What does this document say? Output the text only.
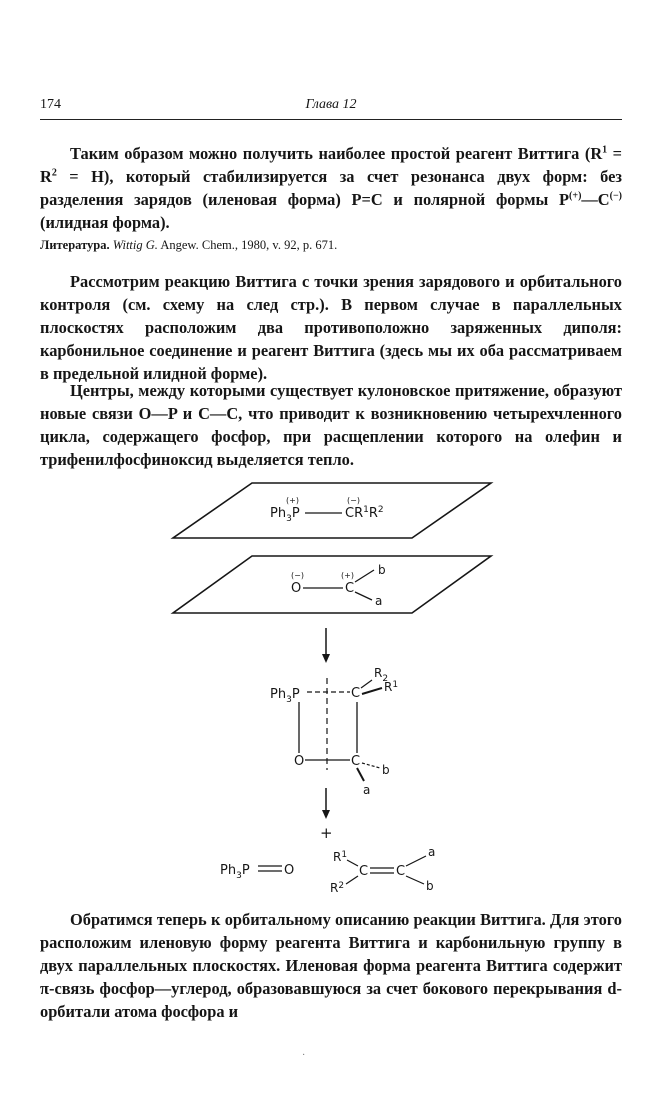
174	Глава 12

Таким образом можно получить наиболее простой реагент Виттига $(R^1 = R^2 = H)$, который стабилизируется за счет резонанса двух форм: без разделения зарядов (иленовая форма) P=C и полярной формы P(+)—C(−) (илидная форма).

Литература. Wittig G. Angew. Chem., 1980, v. 92, p. 671.

Рассмотрим реакцию Виттига с точки зрения зарядового и орбитального контроля (см. схему на след стр.). В первом случае в параллельных плоскостях расположим два противоположно заряженных диполя: карбонильное соединение и реагент Виттига (здесь мы их оба рассматриваем в предельной илидной форме).

Центры, между которыми существует кулоновское притяжение, образуют новые связи O—P и C—C, что приводит к возникновению четырехчленного цикла, содержащего фосфор, при расщеплении которого на олефин и трифенилфосфиноксид выделяется тепло.

(+)	(−)
$Ph_3P$	$CR^1R^2$
(−)	(+)
O	C
b
a
$Ph_3P$	C
$R_2$
$R^1$
O	C
b
a
+
$Ph_3P$	O
$R^1$
$R^2$
C C
a
b

Обратимся теперь к орбитальному описанию реакции Виттига. Для этого расположим иленовую форму реагента Виттига и карбонильную группу в двух параллельных плоскостях. Иленовая форма реагента Виттига содержит π-связь фосфор—углерод, образовавшуюся за счет бокового перекрывания d-орбитали атома фосфора и

·
